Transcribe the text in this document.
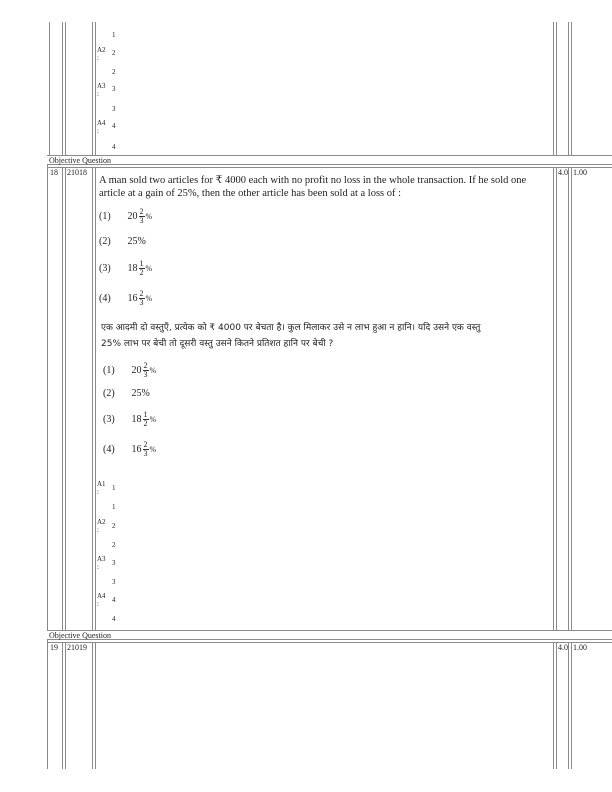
1
A2
:
2
2
A3
:
3
3
A4
:
4
4
Objective Question
18 21018	4.0 1.00
A man sold two articles for ₹ 4000 each with no profit no loss in the whole transaction. If he sold one article at a gain of 25%, then the other article has been sold at a loss of :
(1) $20 \frac{2}{3}$ %
(2) 25%
(3) $18 \frac{1}{2}$ %
(4) $16 \frac{2}{3}$ %
एक आदमी दो वस्तुएँ, प्रत्येक को ₹ 4000 पर बेचता है। कुल मिलाकर उसे न लाभ हुआ न हानि। यदि उसने एक वस्तु
25% लाभ पर बेची तो दूसरी वस्तु उसने कितने प्रतिशत हानि पर बेची ?
(1) $20 \frac{2}{3}$ %
(2) 25%
(3) $18 \frac{1}{2}$ %
(4) $16 \frac{2}{3}$ %
A1
: 1
1
A2
: 2
2
A3
: 3
3
A4
: 4
4
Objective Question
19 21019	4.0 1.00
